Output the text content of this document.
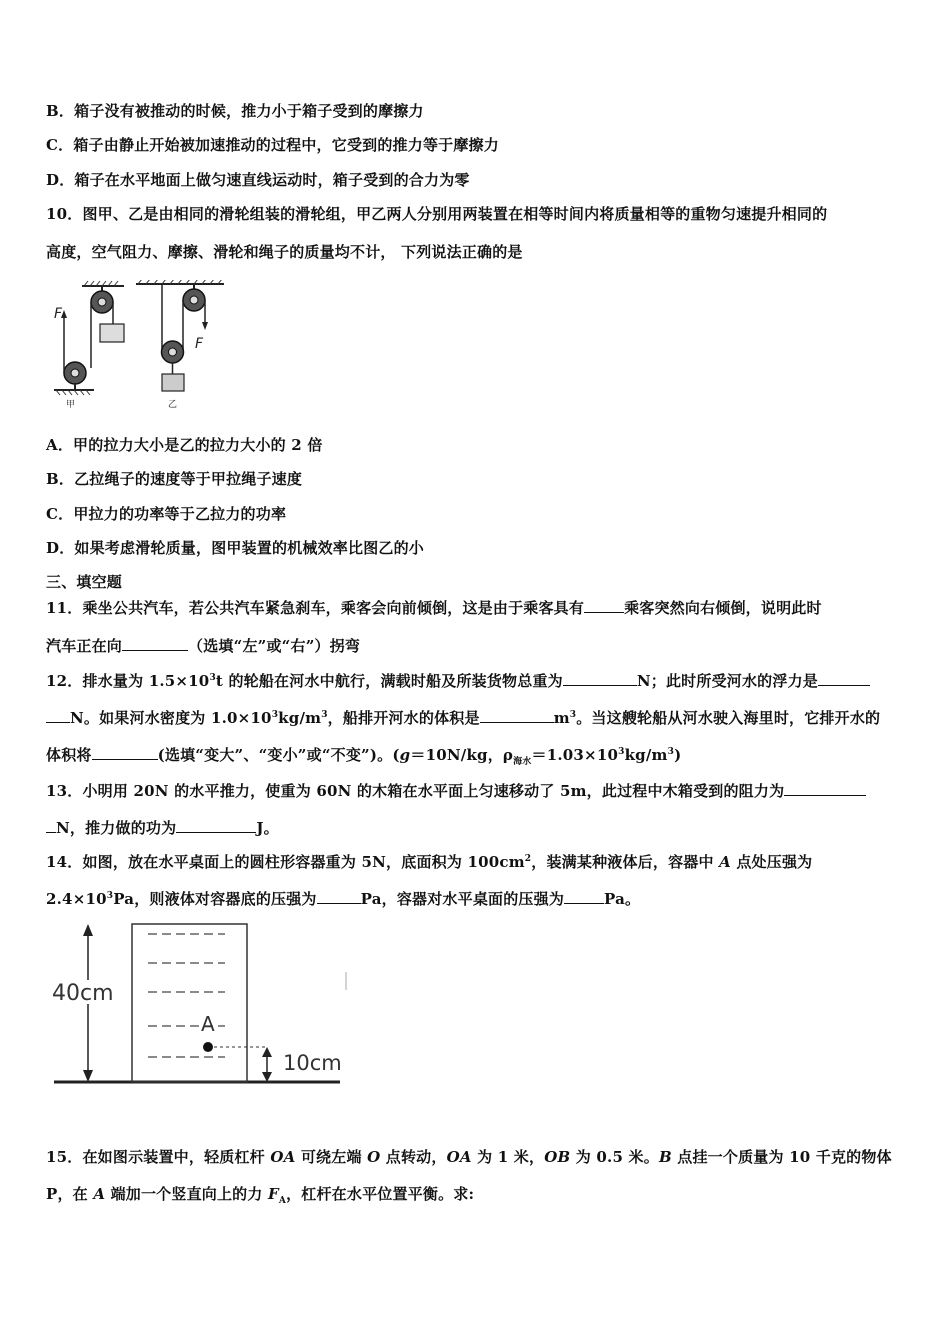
B．箱子没有被推动的时候，推力小于箱子受到的摩擦力
C．箱子由静止开始被加速推动的过程中，它受到的推力等于摩擦力
D．箱子在水平地面上做匀速直线运动时，箱子受到的合力为零
10．图甲、乙是由相同的滑轮组装的滑轮组，甲乙两人分别用两装置在相等时间内将质量相等的重物匀速提升相同的
高度，空气阻力、摩擦、滑轮和绳子的质量均不计， 下列说法正确的是
F
甲
F
乙
A．甲的拉力大小是乙的拉力大小的 2 倍
B．乙拉绳子的速度等于甲拉绳子速度
C．甲拉力的功率等于乙拉力的功率
D．如果考虑滑轮质量，图甲装置的机械效率比图乙的小
三、填空题
11．乘坐公共汽车，若公共汽车紧急刹车，乘客会向前倾倒，这是由于乘客具有	乘客突然向右倾倒，说明此时
汽车正在向	（选填“左”或“右”）拐弯
12．排水量为 $1.5\times 10^3t$ 的轮船在河水中航行，满载时船及所装货物总重为	N；此时所受河水的浮力是
N。如果河水密度为 $1.0\times 10^3kg/m^3$，船排开河水的体积是	$m^3$。当这艘轮船从河水驶入海里时，它排开水的
体积将	(选填“变大”、“变小”或“不变”)。(g＝10N/kg，$\rho_{海水}=1.03\times 10^3kg/m^3$)
13．小明用 20N 的水平推力，使重为 60N 的木箱在水平面上匀速移动了 5m，此过程中木箱受到的阻力为
N，推力做的功为	J。
14．如图，放在水平桌面上的圆柱形容器重为 5N，底面积为 $100cm^2$，装满某种液体后，容器中 A 点处压强为
$2.4\times 10^3Pa$，则液体对容器底的压强为	Pa，容器对水平桌面的压强为	Pa。
A
40cm
10cm
15．在如图示装置中，轻质杠杆 OA 可绕左端 O 点转动，OA 为 1 米，OB 为 0.5 米。B 点挂一个质量为 10 千克的物体
P，在 A 端加一个竖直向上的力 $F_A$，杠杆在水平位置平衡。求:
